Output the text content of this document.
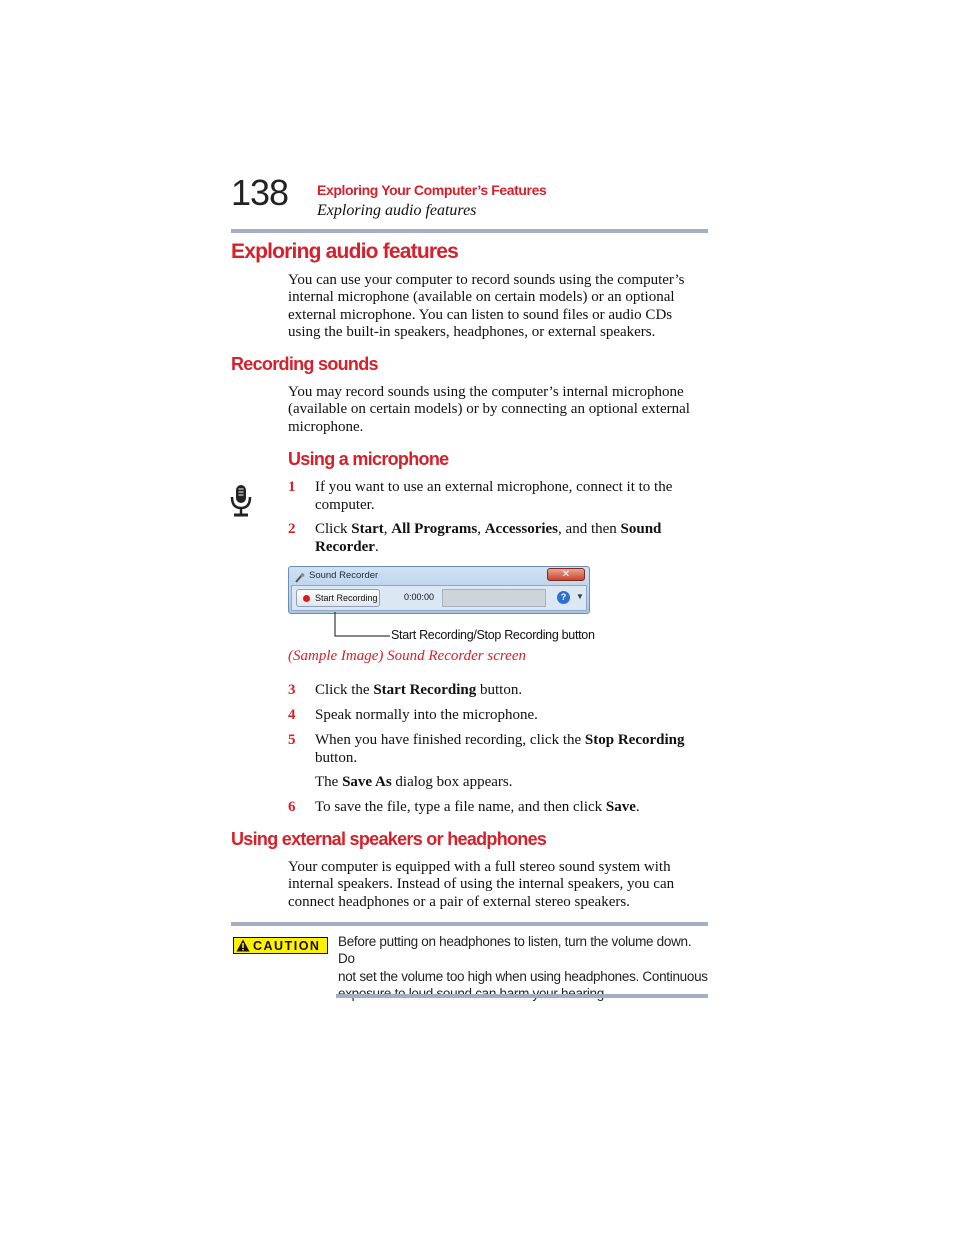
138 Exploring Your Computer’s Features
Exploring audio features
Exploring audio features
You can use your computer to record sounds using the computer’s
internal microphone (available on certain models) or an optional
external microphone. You can listen to sound files or audio CDs
using the built-in speakers, headphones, or external speakers.
Recording sounds
You may record sounds using the computer’s internal microphone
(available on certain models) or by connecting an optional external
microphone.
Using a microphone
1 If you want to use an external microphone, connect it to the computer.
2 Click Start, All Programs, Accessories, and then Sound Recorder.
Sound Recorder	✕
Start Recording	0:00:00	?	▼
Start Recording/Stop Recording button
(Sample Image) Sound Recorder screen
3 Click the Start Recording button.
4 Speak normally into the microphone.
5 When you have finished recording, click the Stop Recording button.
The Save As dialog box appears.
6 To save the file, type a file name, and then click Save.
Using external speakers or headphones
Your computer is equipped with a full stereo sound system with
internal speakers. Instead of using the internal speakers, you can
connect headphones or a pair of external stereo speakers.
CAUTION Before putting on headphones to listen, turn the volume down. Do
not set the volume too high when using headphones. Continuous
